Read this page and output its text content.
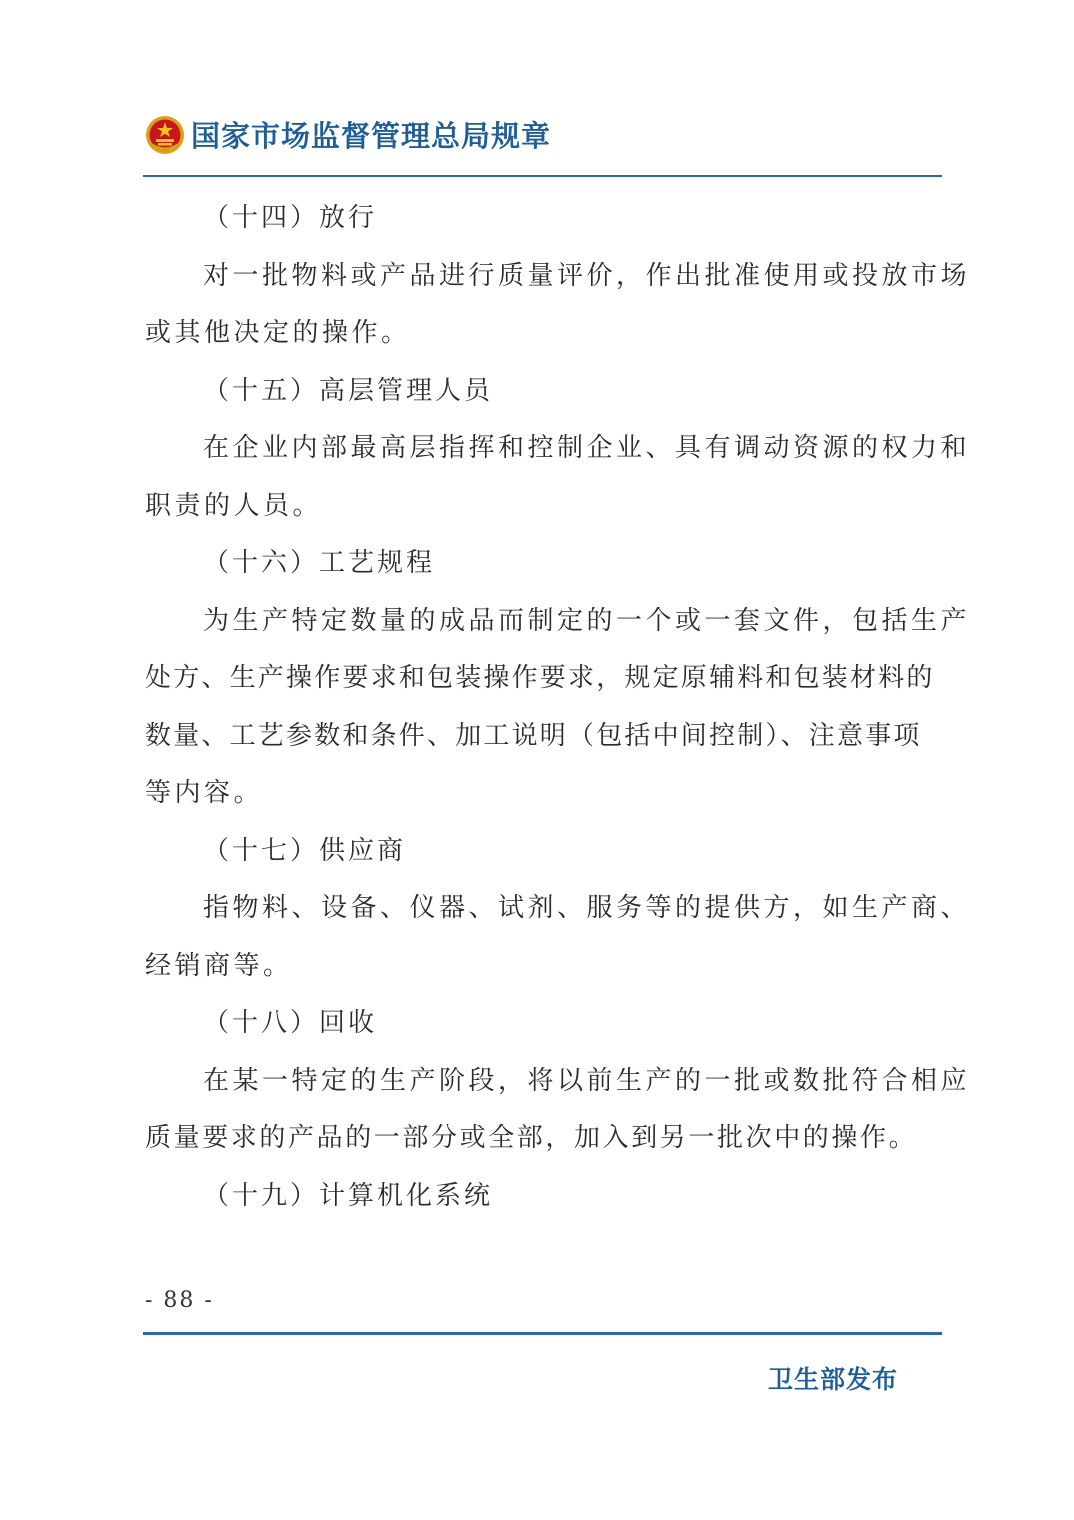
国家市场监督管理总局规章
（十四）放行
对一批物料或产品进行质量评价，作出批准使用或投放市场
或其他决定的操作。
（十五）高层管理人员
在企业内部最高层指挥和控制企业、具有调动资源的权力和
职责的人员。
（十六）工艺规程
为生产特定数量的成品而制定的一个或一套文件，包括生产
处方、生产操作要求和包装操作要求，规定原辅料和包装材料的
数量、工艺参数和条件、加工说明（包括中间控制）、注意事项
等内容。
（十七）供应商
指物料、设备、仪器、试剂、服务等的提供方，如生产商、
经销商等。
（十八）回收
在某一特定的生产阶段，将以前生产的一批或数批符合相应
质量要求的产品的一部分或全部，加入到另一批次中的操作。
（十九）计算机化系统
- 88 -
卫生部发布
